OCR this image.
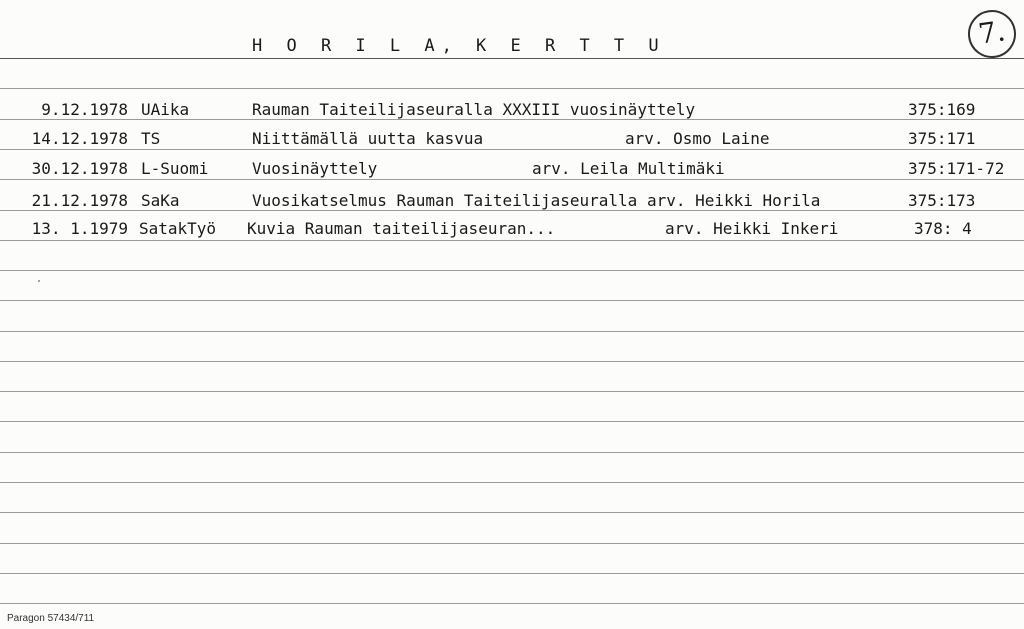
H O R I L A, K E R T T U	7.
9.12.1978 UAika	Rauman Taiteilijaseuralla XXXIII vuosinäyttely	375:169
14.12.1978 TS	Niittämällä uutta kasvua	arv. Osmo Laine	375:171
30.12.1978 L-Suomi	Vuosinäyttely	arv. Leila Multimäki	375:171-72
21.12.1978 SaKa	Vuosikatselmus Rauman Taiteilijaseuralla arv. Heikki Horila	375:173
13. 1.1979 SatakTyö Kuvia Rauman taiteilijaseuran...	arv. Heikki Inkeri	378: 4
Paragon 57434/711
